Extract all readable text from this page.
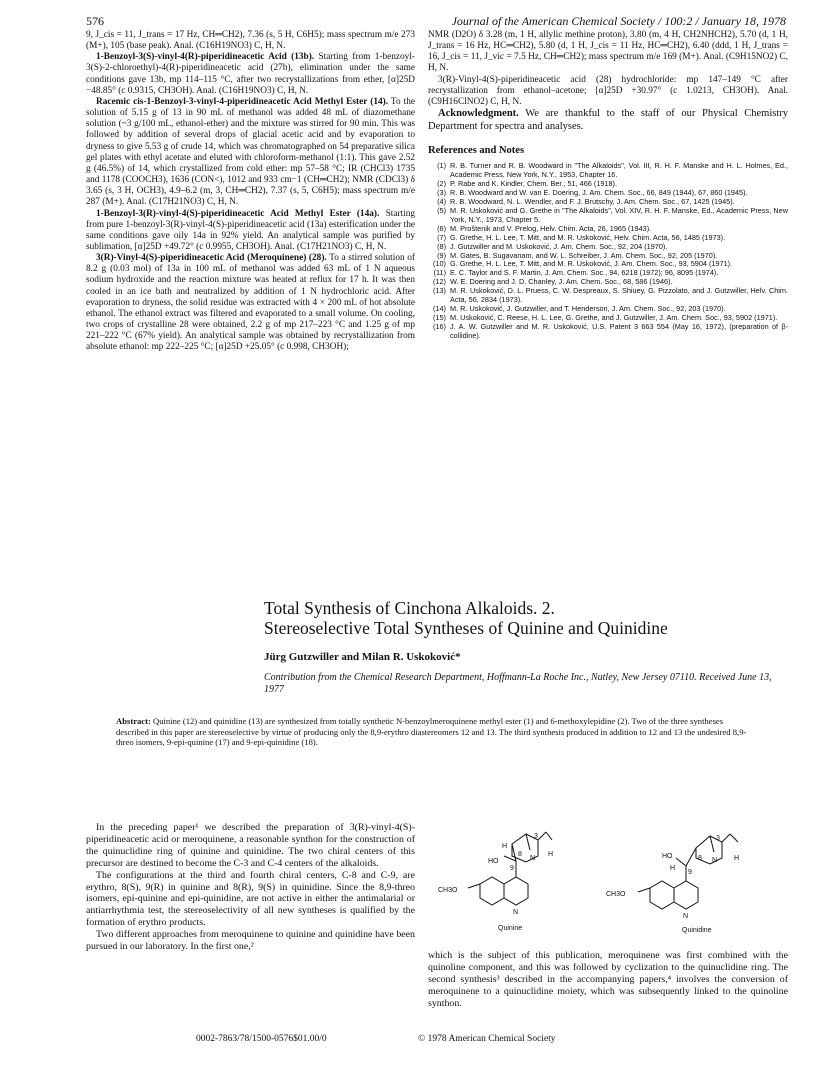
576	Journal of the American Chemical Society / 100:2 / January 18, 1978

9, J_cis = 11, J_trans = 17 Hz, CH═CH2), 7.36 (s, 5 H, C6H5); mass spectrum m/e 273 (M+), 105 (base peak). Anal. (C16H19NO3) C, H, N.

1-Benzoyl-3(S)-vinyl-4(R)-piperidineacetic Acid (13b). Starting from 1-benzoyl-3(S)-2-chloroethyl)-4(R)-piperidineacetic acid (27b), elimination under the same conditions gave 13b, mp 114–115 °C, after two recrystallizations from ether, [α]25D −48.85° (c 0.9315, CH3OH). Anal. (C16H19NO3) C, H, N.

Racemic cis-1-Benzoyl-3-vinyl-4-piperidineacetic Acid Methyl Ester (14). To the solution of 5.15 g of 13 in 90 mL of methanol was added 48 mL of diazomethane solution (~3 g/100 mL, ethanol-ether) and the mixture was stirred for 90 min. This was followed by addition of several drops of glacial acetic acid and by evaporation to dryness to give 5.53 g of crude 14, which was chromatographed on 54 preparative silica gel plates with ethyl acetate and eluted with chloroform-methanol (1:1). This gave 2.52 g (46.5%) of 14, which crystallized from cold ether: mp 57–58 °C; IR (CHCl3) 1735 and 1178 (COOCH3), 1636 (CON<), 1012 and 933 cm−1 (CH═CH2); NMR (CDCl3) δ 3.65 (s, 3 H, OCH3), 4.9–6.2 (m, 3, CH═CH2), 7.37 (s, 5, C6H5); mass spectrum m/e 287 (M+). Anal. (C17H21NO3) C, H, N.

1-Benzoyl-3(R)-vinyl-4(S)-piperidineacetic Acid Methyl Ester (14a). Starting from pure 1-benzoyl-3(R)-vinyl-4(S)-piperidineacetic acid (13a) esterification under the same conditions gave oily 14a in 92% yield. An analytical sample was purified by sublimation, [α]25D +49.72° (c 0.9955, CH3OH). Anal. (C17H21NO3) C, H, N.

3(R)-Vinyl-4(S)-piperidineacetic Acid (Meroquinene) (28). To a stirred solution of 8.2 g (0.03 mol) of 13a in 100 mL of methanol was added 63 mL of 1 N aqueous sodium hydroxide and the reaction mixture was heated at reflux for 17 h. It was then cooled in an ice bath and neutralized by addition of 1 N hydrochloric acid. After evaporation to dryness, the solid residue was extracted with 4 × 200 mL of hot absolute ethanol. The ethanol extract was filtered and evaporated to a small volume. On cooling, two crops of crystalline 28 were obtained, 2.2 g of mp 217–223 °C and 1.25 g of mp 221–222 °C (67% yield). An analytical sample was obtained by recrystallization from absolute ethanol: mp 222–225 °C; [α]25D +25.05° (c 0.998, CH3OH);

NMR (D2O) δ 3.28 (m, 1 H, allylic methine proton), 3.80 (m, 4 H, CH2NHCH2), 5.70 (d, 1 H, J_trans = 16 Hz, HC═CH2), 5.80 (d, 1 H, J_cis = 11 Hz, HC═CH2), 6.40 (ddd, 1 H, J_trans = 16, J_cis = 11, J_vic = 7.5 Hz, CH═CH2); mass spectrum m/e 169 (M+). Anal. (C9H15NO2) C, H, N.

3(R)-Vinyl-4(S)-piperidineacetic acid (28) hydrochloride: mp 147–149 °C after recrystallization from ethanol–acetone; [α]25D +30.97° (c 1.0213, CH3OH). Anal. (C9H16ClNO2) C, H, N.

Acknowledgment. We are thankful to the staff of our Physical Chemistry Department for spectra and analyses.

References and Notes
(1) R. B. Turner and R. B. Woodward in "The Alkaloids", Vol. III, R. H. F. Manske and H. L. Holmes, Ed., Academic Press, New York, N.Y., 1953, Chapter 16.
(2) P. Rabe and K. Kindler, Chem. Ber., 51, 466 (1918).
(3) R. B. Woodward and W. van E. Doering, J. Am. Chem. Soc., 66, 849 (1944), 67, 860 (1945).
(4) R. B. Woodward, N. L. Wendler, and F. J. Brutschy, J. Am. Chem. Soc., 67, 1425 (1945).
(5) M. R. Uskoković and G. Grethe in "The Alkaloids", Vol. XIV, R. H. F. Manske, Ed., Academic Press, New York, N.Y., 1973, Chapter 5.
(6) M. Proštenik and V. Prelog, Helv. Chim. Acta, 26, 1965 (1943).
(7) G. Grethe, H. L. Lee, T. Mitt, and M. R. Uskoković, Helv. Chim. Acta, 56, 1485 (1973).
(8) J. Gutzwiller and M. Uskoković, J. Am. Chem. Soc., 92, 204 (1970).
(9) M. Gates, B. Sugavanam, and W. L. Schreiber, J. Am. Chem. Soc., 92, 205 (1970).
(10) G. Grethe, H. L. Lee, T. Mitt, and M. R. Uskoković, J. Am. Chem. Soc., 93, 5904 (1971).
(11) E. C. Taylor and S. F. Martin, J. Am. Chem. Soc., 94, 6218 (1972); 96, 8095 (1974).
(12) W. E. Doering and J. D. Chanley, J. Am. Chem. Soc., 68, 586 (1946).
(13) M. R. Uskoković, D. L. Pruess, C. W. Despreaux, S. Shiuey, G. Pizzolato, and J. Gutzwiller, Helv. Chim. Acta, 56, 2834 (1973).
(14) M. R. Uskoković, J. Gutzwiller, and T. Henderson, J. Am. Chem. Soc., 92, 203 (1970).
(15) M. Uskoković, C. Reese, H. L. Lee, G. Grethe, and J. Gutzwiller, J. Am. Chem. Soc., 93, 5902 (1971).
(16) J. A. W. Gutzwiller and M. R. Uskoković, U.S. Patent 3 663 554 (May 16, 1972), (preparation of β-collidine).
Total Synthesis of Cinchona Alkaloids. 2.
Stereoselective Total Syntheses of Quinine and Quinidine
Jürg Gutzwiller and Milan R. Uskoković*
Contribution from the Chemical Research Department, Hoffmann-La Roche Inc., Nutley, New Jersey 07110. Received June 13, 1977
Abstract: Quinine (12) and quinidine (13) are synthesized from totally synthetic N-benzoylmeroquinene methyl ester (1) and 6-methoxylepidine (2). Two of the three syntheses described in this paper are stereoselective by virtue of producing only the 8,9-erythro diastereomers 12 and 13. The third synthesis produced in addition to 12 and 13 the undesired 8,9-threo isomers, 9-epi-quinine (17) and 9-epi-quinidine (18).

In the preceding paper¹ we described the preparation of 3(R)-vinyl-4(S)-piperidineacetic acid or meroquinene, a reasonable synthon for the construction of the quinuclidine ring of quinine and quinidine. The two chiral centers of this precursor are destined to become the C-3 and C-4 centers of the alkaloids.

The configurations at the third and fourth chiral centers, C-8 and C-9, are erythro, 8(S), 9(R) in quinine and 8(R), 9(S) in quinidine. Since the 8,9-threo isomers, epi-quinine and epi-quinidine, are not active in either the antimalarial or antiarrhythmia test, the stereoselectivity of all new syntheses is qualified by the formation of erythro products.

Two different approaches from meroquinene to quinine and quinidine have been pursued in our laboratory. In the first one,²

HO
H
H
CH3O
N
N
8
9
3
Quinine
HO
H
H
CH3O
N
N
8
9
3
Quinidine

which is the subject of this publication, meroquinene was first combined with the quinoline component, and this was followed by cyclization to the quinuclidine ring. The second synthesis³ described in the accompanying papers,⁴ involves the conversion of meroquinene to a quinuclidine moiety, which was subsequently linked to the quinoline synthon.

0002-7863/78/1500-0576$01.00/0	© 1978 American Chemical Society
